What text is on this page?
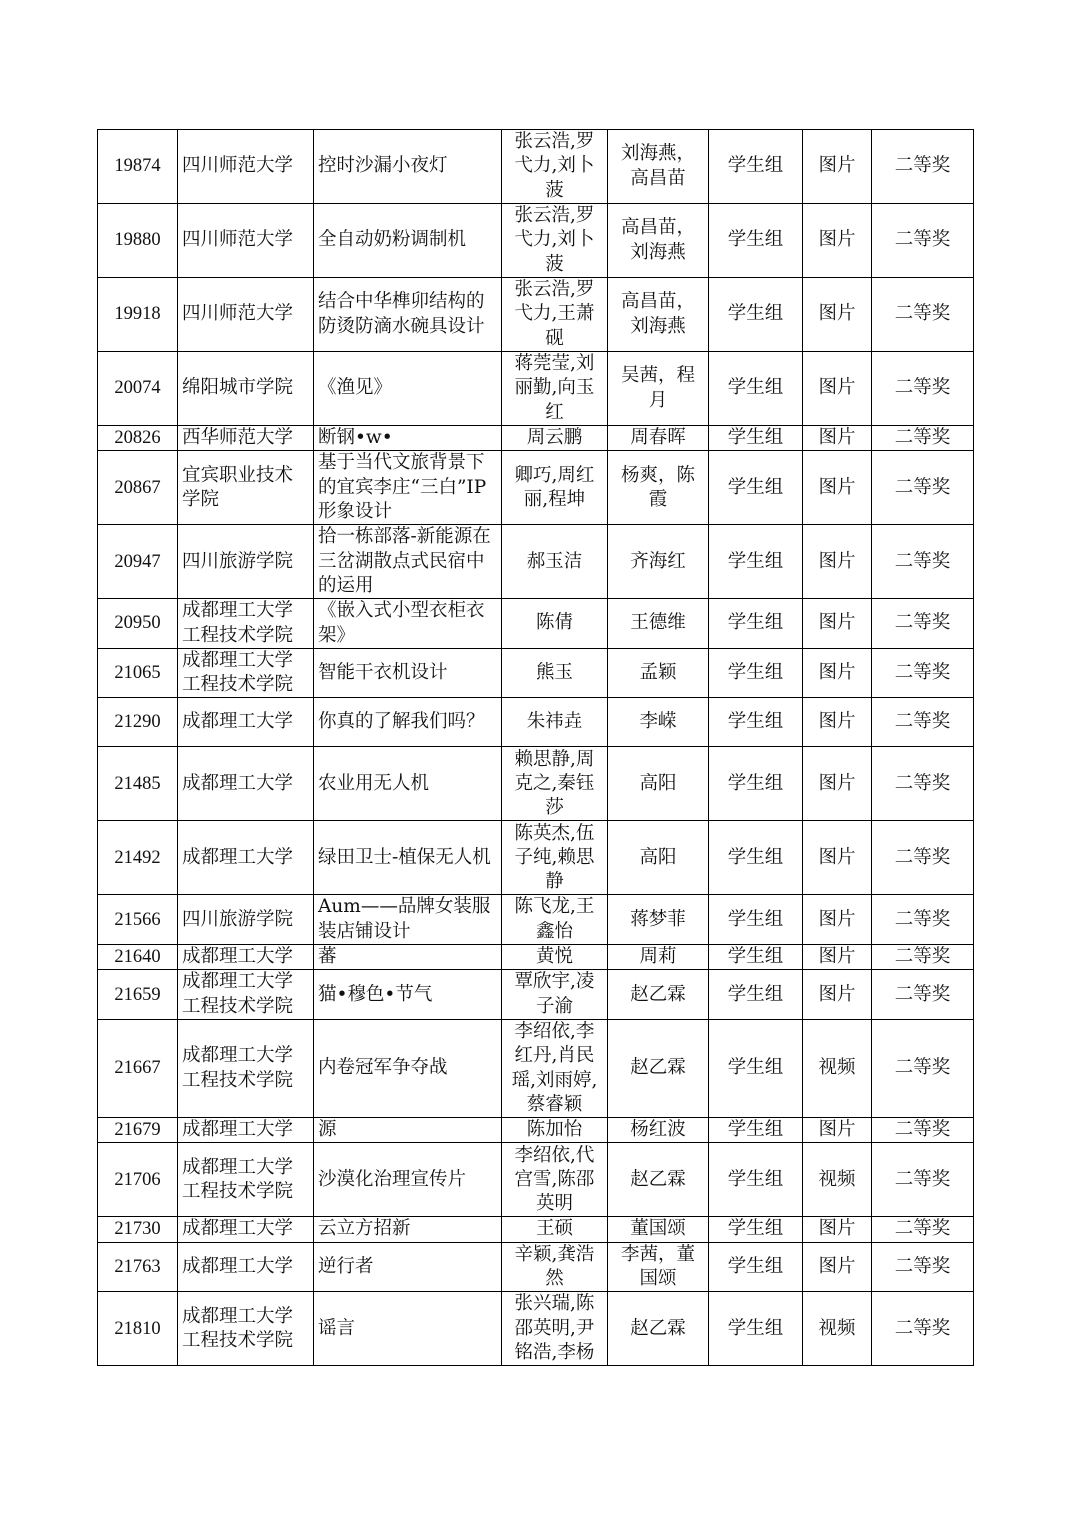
19874	四川师范大学	控时沙漏小夜灯	张云浩,罗弋力,刘卜菠	刘海燕，高昌苗	学生组	图片	二等奖
19880	四川师范大学	全自动奶粉调制机	张云浩,罗弋力,刘卜菠	高昌苗，刘海燕	学生组	图片	二等奖
19918	四川师范大学	结合中华榫卯结构的防烫防滴水碗具设计	张云浩,罗弋力,王萧砚	高昌苗，刘海燕	学生组	图片	二等奖
20074	绵阳城市学院	《渔见》	蒋莞莹,刘丽勤,向玉红	吴茜，程月	学生组	图片	二等奖
20826	西华师范大学	断钢•w•	周云鹏	周春晖	学生组	图片	二等奖
20867	宜宾职业技术学院	基于当代文旅背景下的宜宾李庄“三白”IP形象设计	卿巧,周红丽,程坤	杨爽，陈霞	学生组	图片	二等奖
20947	四川旅游学院	拾一栋部落-新能源在三岔湖散点式民宿中的运用	郝玉洁	齐海红	学生组	图片	二等奖
20950	成都理工大学工程技术学院	《嵌入式小型衣柜衣架》	陈倩	王德维	学生组	图片	二等奖
21065	成都理工大学工程技术学院	智能干衣机设计	熊玉	孟颖	学生组	图片	二等奖
21290	成都理工大学	你真的了解我们吗？	朱祎垚	李嵘	学生组	图片	二等奖
21485	成都理工大学	农业用无人机	赖思静,周克之,秦钰莎	高阳	学生组	图片	二等奖
21492	成都理工大学	绿田卫士-植保无人机	陈英杰,伍子纯,赖思静	高阳	学生组	图片	二等奖
21566	四川旅游学院	Aum——品牌女装服装店铺设计	陈飞龙,王鑫怡	蒋梦菲	学生组	图片	二等奖
21640	成都理工大学	蕃	黄悦	周莉	学生组	图片	二等奖
21659	成都理工大学工程技术学院	猫•穆色•节气	覃欣宇,凌子渝	赵乙霖	学生组	图片	二等奖
21667	成都理工大学工程技术学院	内卷冠军争夺战	李绍依,李红丹,肖民瑶,刘雨婷,蔡睿颖	赵乙霖	学生组	视频	二等奖
21679	成都理工大学	源	陈加怡	杨红波	学生组	图片	二等奖
21706	成都理工大学工程技术学院	沙漠化治理宣传片	李绍依,代宫雪,陈邵英明	赵乙霖	学生组	视频	二等奖
21730	成都理工大学	云立方招新	王硕	董国颂	学生组	图片	二等奖
21763	成都理工大学	逆行者	辛颖,龚浩然	李茜，董国颂	学生组	图片	二等奖
21810	成都理工大学工程技术学院	谣言	张兴瑞,陈邵英明,尹铭浩,李杨	赵乙霖	学生组	视频	二等奖
